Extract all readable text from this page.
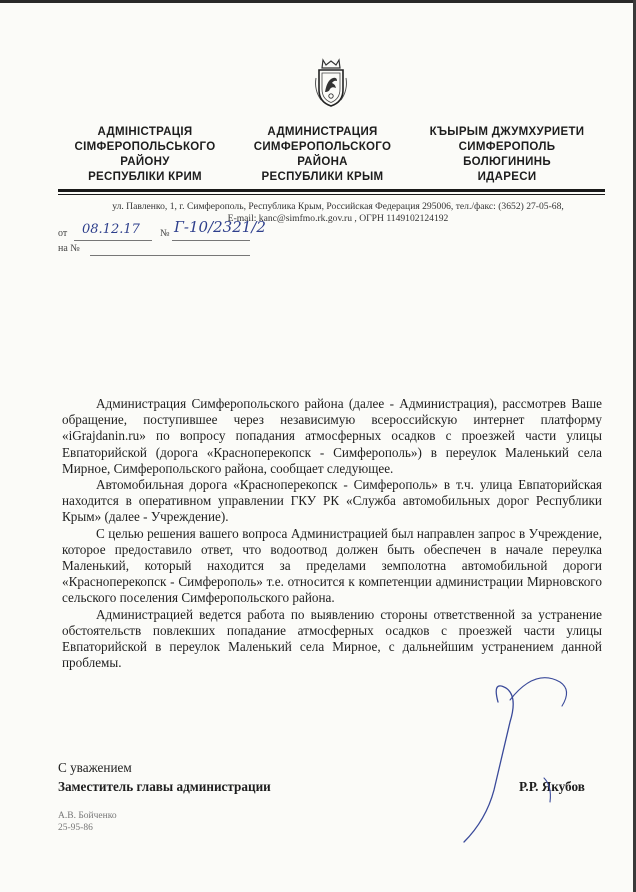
АДМІНІСТРАЦІЯ
СІМФЕРОПОЛЬСЬКОГО
РАЙОНУ
РЕСПУБЛІКИ КРИМ
АДМИНИСТРАЦИЯ
СИМФЕРОПОЛЬСКОГО
РАЙОНА
РЕСПУБЛИКИ КРЫМ
КЪЫРЫМ ДЖУМХУРИЕТИ
СИМФЕРОПОЛЬ
БОЛЮГИНИНЬ
ИДАРЕСИ
ул. Павленко, 1, г. Симферополь, Республика Крым, Российская Федерация 295006, тел./факс: (3652) 27-05-68,
E-mail: kanc@simfmo.rk.gov.ru , ОГРН 1149102124192
от 08.12.17 № Г-10/2321/2
на №

Администрация Симферопольского района (далее - Администрация), рассмотрев Ваше обращение, поступившее через независимую всероссийскую интернет платформу «iGrajdanin.ru» по вопросу попадания атмосферных осадков с проезжей части улицы Евпаторийской (дорога «Красноперекопск - Симферополь») в переулок Маленький села Мирное, Симферопольского района, сообщает следующее.

Автомобильная дорога «Красноперекопск - Симферополь» в т.ч. улица Евпаторийская находится в оперативном управлении ГКУ РК «Служба автомобильных дорог Республики Крым» (далее - Учреждение).

С целью решения вашего вопроса Администрацией был направлен запрос в Учреждение, которое предоставило ответ, что водоотвод должен быть обеспечен в начале переулка Маленький, который находится за пределами земполотна автомобильной дороги «Красноперекопск - Симферополь» т.е. относится к компетенции администрации Мирновского сельского поселения Симферопольского района.

Администрацией ведется работа по выявлению стороны ответственной за устранение обстоятельств повлекших попадание атмосферных осадков с проезжей части улицы Евпаторийской в переулок Маленький села Мирное, с дальнейшим устранением данной проблемы.

С уважением
Заместитель главы администрации	Р.Р. Якубов
А.В. Бойченко
25-95-86
